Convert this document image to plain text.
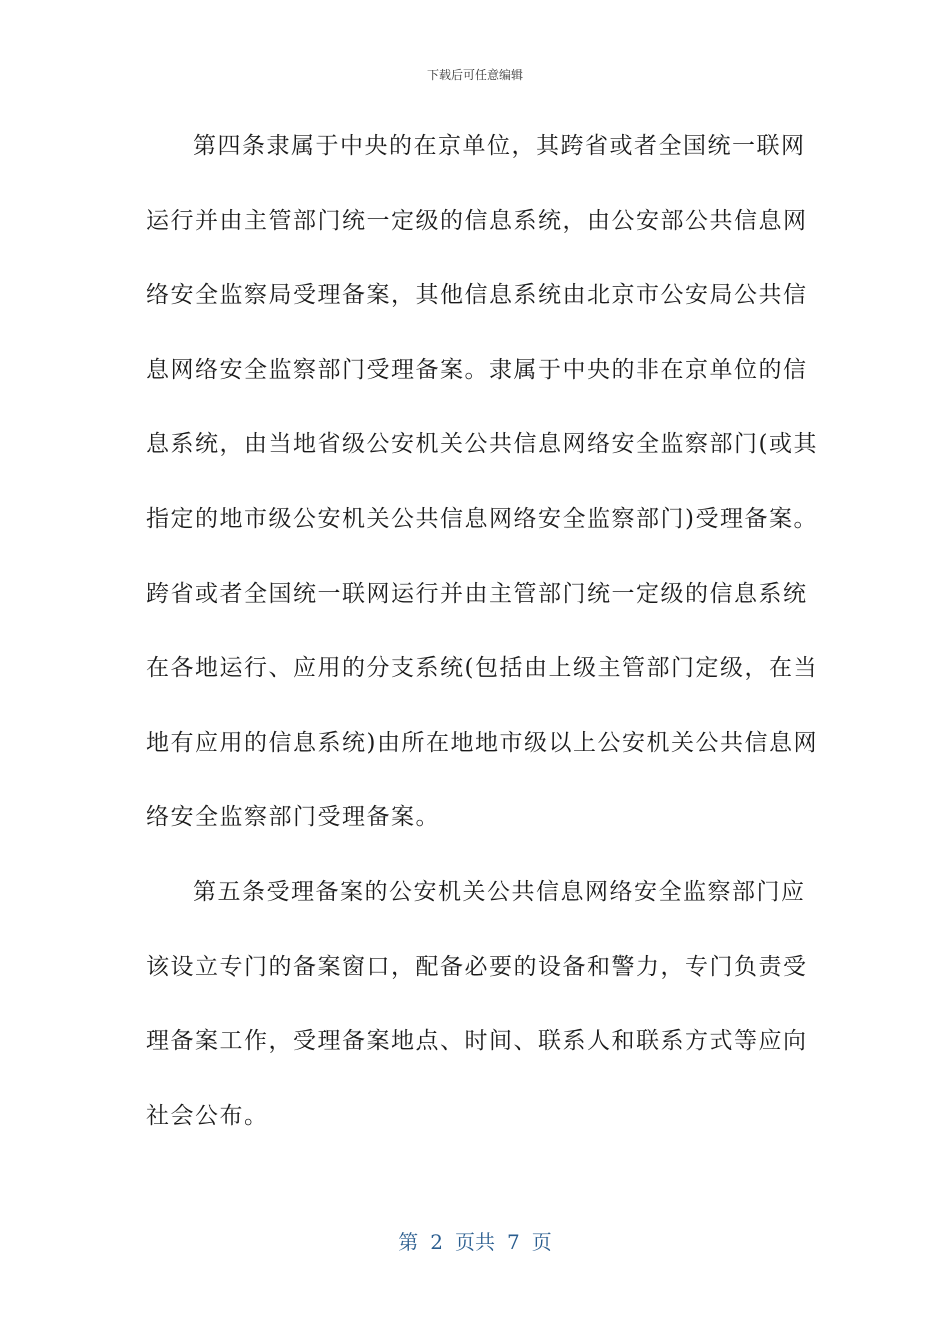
下载后可任意编辑
第四条隶属于中央的在京单位，其跨省或者全国统一联网
运行并由主管部门统一定级的信息系统，由公安部公共信息网
络安全监察局受理备案，其他信息系统由北京市公安局公共信
息网络安全监察部门受理备案。隶属于中央的非在京单位的信
息系统，由当地省级公安机关公共信息网络安全监察部门(或其
指定的地市级公安机关公共信息网络安全监察部门)受理备案。
跨省或者全国统一联网运行并由主管部门统一定级的信息系统
在各地运行、应用的分支系统(包括由上级主管部门定级，在当
地有应用的信息系统)由所在地地市级以上公安机关公共信息网
络安全监察部门受理备案。
第五条受理备案的公安机关公共信息网络安全监察部门应
该设立专门的备案窗口，配备必要的设备和警力，专门负责受
理备案工作，受理备案地点、时间、联系人和联系方式等应向
社会公布。
第 2 页共 7 页
